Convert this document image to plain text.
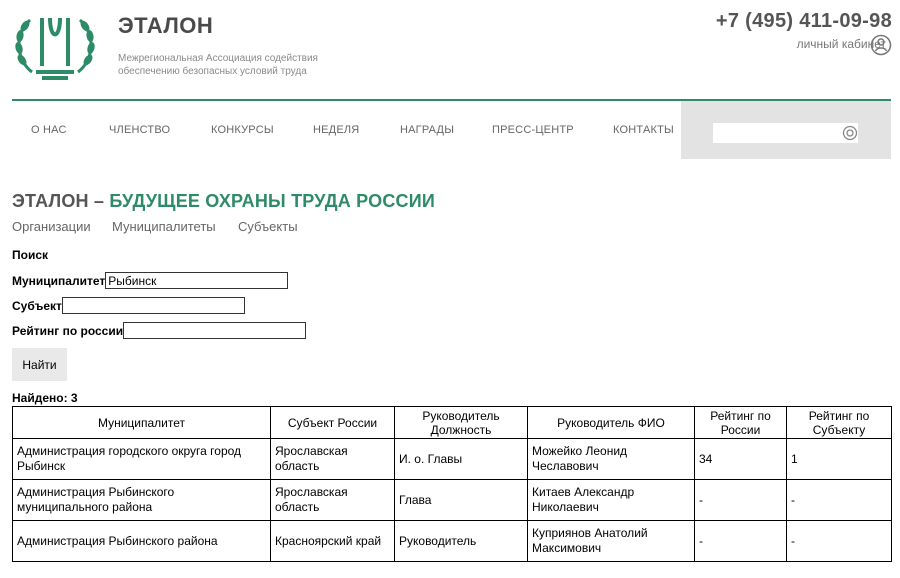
ЭТАЛОН
Межрегиональная Ассоциация содействия
обеспечению безопасных условий труда
+7 (495) 411-09-98
личный кабинет
О НАС	ЧЛЕНСТВО	КОНКУРСЫ	НЕДЕЛЯ	НАГРАДЫ	ПРЕСС-ЦЕНТР	КОНТАКТЫ
ЭТАЛОН – БУДУЩЕЕ ОХРАНЫ ТРУДА РОССИИ
Организации Муниципалитеты Субъекты
Поиск
МуниципалитетРыбинск
Субъект
Рейтинг по россии
Найти
Найдено: 3
Муниципалитет	Субъект России	Руководитель Должность	Руководитель ФИО	Рейтинг по России	Рейтинг по Субъекту
Администрация городского округа город Рыбинск	Ярославская область	И. о. Главы	Можейко Леонид Чеславович	34	1
Администрация Рыбинского муниципального района	Ярославская область	Глава	Китаев Александр Николаевич	-	-
Администрация Рыбинского района	Красноярский край	Руководитель	Куприянов Анатолий Максимович	-	-
